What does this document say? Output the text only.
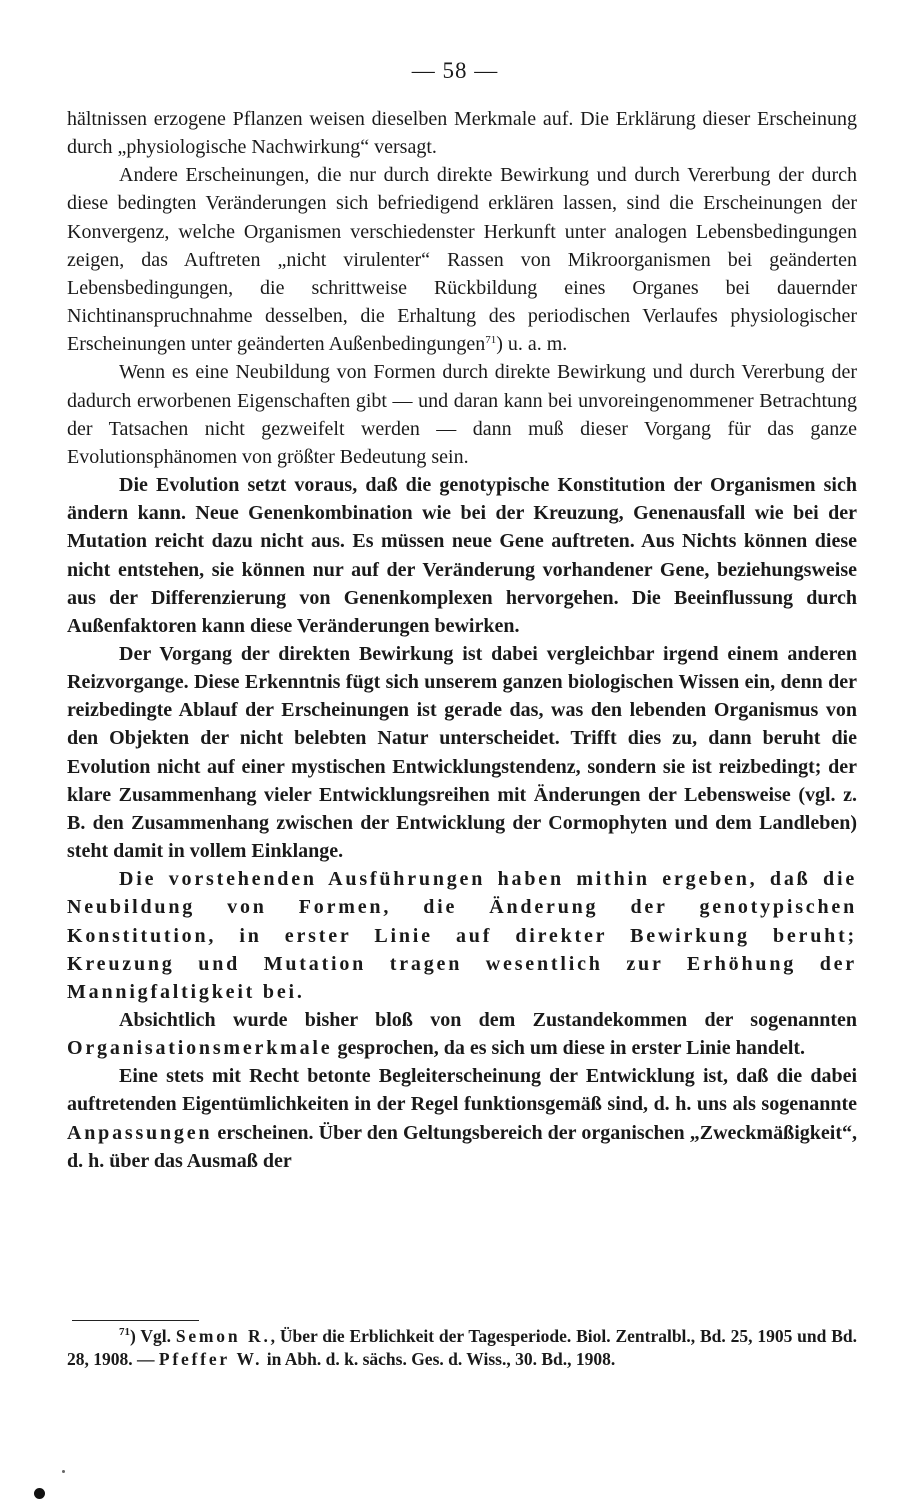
— 58 —

hältnissen erzogene Pflanzen weisen dieselben Merkmale auf. Die Erklärung dieser Erscheinung durch „physiologische Nachwirkung“ versagt.

Andere Erscheinungen, die nur durch direkte Bewirkung und durch Vererbung der durch diese bedingten Veränderungen sich befriedigend erklären lassen, sind die Erscheinungen der Konvergenz, welche Organismen verschiedenster Herkunft unter analogen Lebensbedingungen zeigen, das Auftreten „nicht virulenter“ Rassen von Mikroorganismen bei geänderten Lebensbedingungen, die schrittweise Rückbildung eines Organes bei dauernder Nichtinanspruchnahme desselben, die Erhaltung des periodischen Verlaufes physiologischer Erscheinungen unter geänderten Außenbedingungen$^{71}$) u. a. m.

Wenn es eine Neubildung von Formen durch direkte Bewirkung und durch Vererbung der dadurch erworbenen Eigenschaften gibt — und daran kann bei unvoreingenommener Betrachtung der Tatsachen nicht gezweifelt werden — dann muß dieser Vorgang für das ganze Evolutionsphänomen von größter Bedeutung sein.

Die Evolution setzt voraus, daß die genotypische Konstitution der Organismen sich ändern kann. Neue Genenkombination wie bei der Kreuzung, Genenausfall wie bei der Mutation reicht dazu nicht aus. Es müssen neue Gene auftreten. Aus Nichts können diese nicht entstehen, sie können nur auf der Veränderung vorhandener Gene, beziehungsweise aus der Differenzierung von Genenkomplexen hervorgehen. Die Beeinflussung durch Außenfaktoren kann diese Veränderungen bewirken.

Der Vorgang der direkten Bewirkung ist dabei vergleichbar irgend einem anderen Reizvorgange. Diese Erkenntnis fügt sich unserem ganzen biologischen Wissen ein, denn der reizbedingte Ablauf der Erscheinungen ist gerade das, was den lebenden Organismus von den Objekten der nicht belebten Natur unterscheidet. Trifft dies zu, dann beruht die Evolution nicht auf einer mystischen Entwicklungstendenz, sondern sie ist reizbedingt; der klare Zusammenhang vieler Entwicklungsreihen mit Änderungen der Lebensweise (vgl. z. B. den Zusammenhang zwischen der Entwicklung der Cormophyten und dem Landleben) steht damit in vollem Einklange.

Die vorstehenden Ausführungen haben mithin ergeben, daß die Neubildung von Formen, die Änderung der genotypischen Konstitution, in erster Linie auf direkter Bewirkung beruht; Kreuzung und Mutation tragen wesentlich zur Erhöhung der Mannigfaltigkeit bei.

Absichtlich wurde bisher bloß von dem Zustandekommen der sogenannten Organisationsmerkmale gesprochen, da es sich um diese in erster Linie handelt.

Eine stets mit Recht betonte Begleiterscheinung der Entwicklung ist, daß die dabei auftretenden Eigentümlichkeiten in der Regel funktionsgemäß sind, d. h. uns als sogenannte Anpassungen erscheinen. Über den Geltungsbereich der organischen „Zweckmäßigkeit“, d. h. über das Ausmaß der

$^{71}$) Vgl. Semon R., Über die Erblichkeit der Tagesperiode. Biol. Zentralbl., Bd. 25, 1905 und Bd. 28, 1908. — Pfeffer W. in Abh. d. k. sächs. Ges. d. Wiss., 30. Bd., 1908.
